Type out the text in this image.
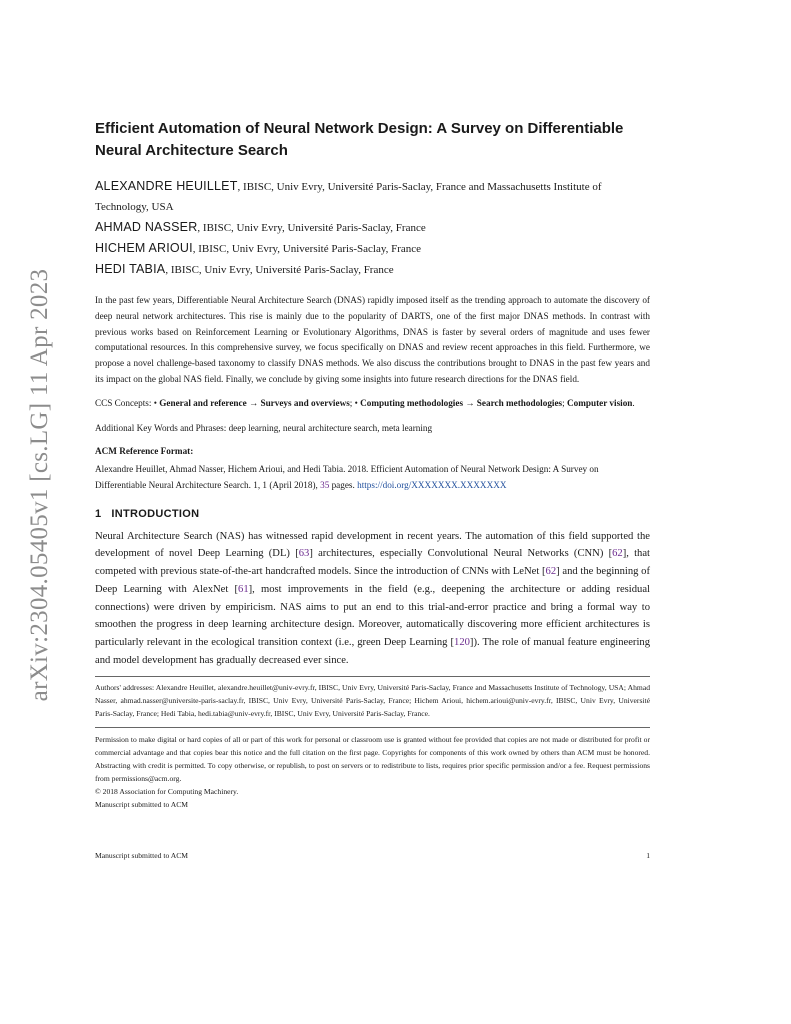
arXiv:2304.05405v1 [cs.LG] 11 Apr 2023
Efficient Automation of Neural Network Design: A Survey on Differentiable Neural Architecture Search

ALEXANDRE HEUILLET, IBISC, Univ Evry, Université Paris-Saclay, France and Massachusetts Institute of Technology, USA

AHMAD NASSER, IBISC, Univ Evry, Université Paris-Saclay, France

HICHEM ARIOUI, IBISC, Univ Evry, Université Paris-Saclay, France

HEDI TABIA, IBISC, Univ Evry, Université Paris-Saclay, France

In the past few years, Differentiable Neural Architecture Search (DNAS) rapidly imposed itself as the trending approach to automate the discovery of deep neural network architectures. This rise is mainly due to the popularity of DARTS, one of the first major DNAS methods. In contrast with previous works based on Reinforcement Learning or Evolutionary Algorithms, DNAS is faster by several orders of magnitude and uses fewer computational resources. In this comprehensive survey, we focus specifically on DNAS and review recent approaches in this field. Furthermore, we propose a novel challenge-based taxonomy to classify DNAS methods. We also discuss the contributions brought to DNAS in the past few years and its impact on the global NAS field. Finally, we conclude by giving some insights into future research directions for the DNAS field.

CCS Concepts: • General and reference → Surveys and overviews; • Computing methodologies → Search methodologies; Computer vision.

Additional Key Words and Phrases: deep learning, neural architecture search, meta learning

ACM Reference Format:

Alexandre Heuillet, Ahmad Nasser, Hichem Arioui, and Hedi Tabia. 2018. Efficient Automation of Neural Network Design: A Survey on Differentiable Neural Architecture Search. 1, 1 (April 2018), 35 pages. https://doi.org/XXXXXXX.XXXXXXX

1 INTRODUCTION

Neural Architecture Search (NAS) has witnessed rapid development in recent years. The automation of this field supported the development of novel Deep Learning (DL) [63] architectures, especially Convolutional Neural Networks (CNN) [62], that competed with previous state-of-the-art handcrafted models. Since the introduction of CNNs with LeNet [62] and the beginning of Deep Learning with AlexNet [61], most improvements in the field (e.g., deepening the architecture or adding residual connections) were driven by empiricism. NAS aims to put an end to this trial-and-error practice and bring a formal way to smoothen the progress in deep learning architecture design. Moreover, automatically discovering more efficient architectures is particularly relevant in the ecological transition context (i.e., green Deep Learning [120]). The role of manual feature engineering and model development has gradually decreased ever since.

Authors' addresses: Alexandre Heuillet, alexandre.heuillet@univ-evry.fr, IBISC, Univ Evry, Université Paris-Saclay, France and Massachusetts Institute of Technology, USA; Ahmad Nasser, ahmad.nasser@universite-paris-saclay.fr, IBISC, Univ Evry, Université Paris-Saclay, France; Hichem Arioui, hichem.arioui@univ-evry.fr, IBISC, Univ Evry, Université Paris-Saclay, France; Hedi Tabia, hedi.tabia@univ-evry.fr, IBISC, Univ Evry, Université Paris-Saclay, France.

Permission to make digital or hard copies of all or part of this work for personal or classroom use is granted without fee provided that copies are not made or distributed for profit or commercial advantage and that copies bear this notice and the full citation on the first page. Copyrights for components of this work owned by others than ACM must be honored. Abstracting with credit is permitted. To copy otherwise, or republish, to post on servers or to redistribute to lists, requires prior specific permission and/or a fee. Request permissions from permissions@acm.org.

© 2018 Association for Computing Machinery.

Manuscript submitted to ACM

Manuscript submitted to ACM	1
